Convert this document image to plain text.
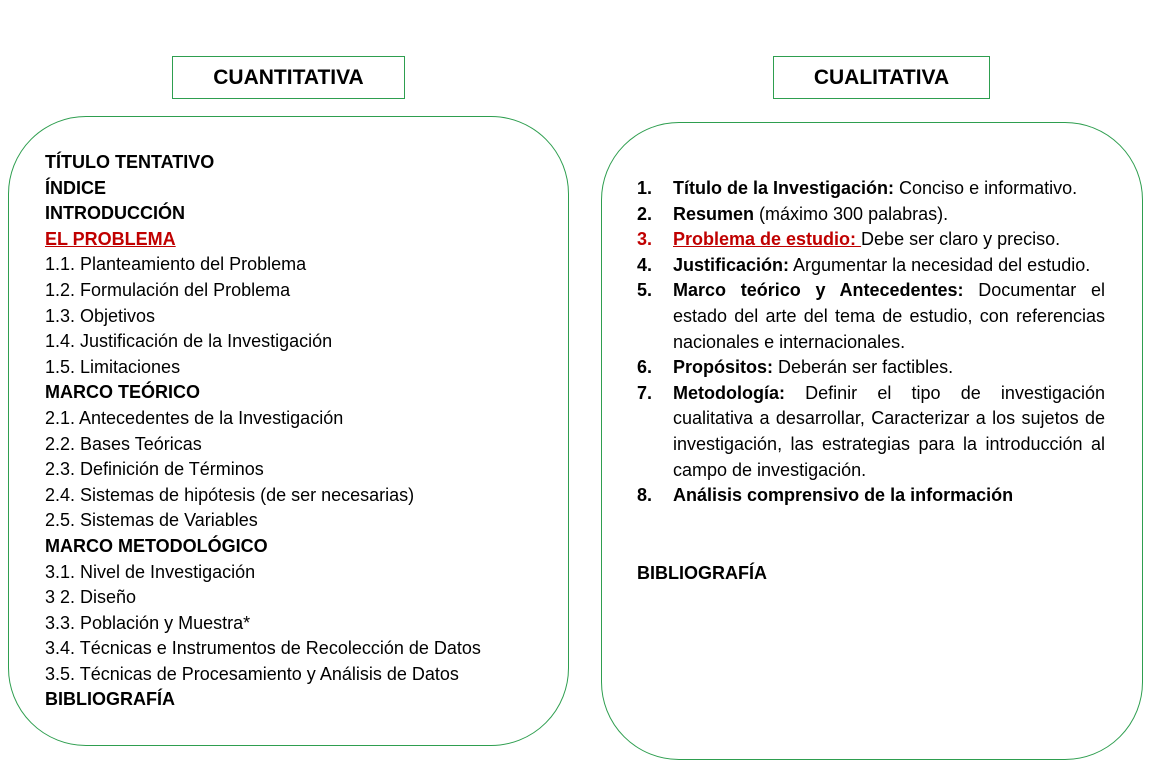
CUANTITATIVA	CUALITATIVA
TÍTULO TENTATIVO
ÍNDICE
INTRODUCCIÓN
EL PROBLEMA
1.1. Planteamiento del Problema
1.2. Formulación del Problema
1.3. Objetivos
1.4. Justificación de la Investigación
1.5. Limitaciones
MARCO TEÓRICO
2.1. Antecedentes de la Investigación
2.2. Bases Teóricas
2.3. Definición de Términos
2.4. Sistemas de hipótesis (de ser necesarias)
2.5. Sistemas de Variables
MARCO METODOLÓGICO
3.1. Nivel de Investigación
3 2. Diseño
3.3. Población y Muestra*
3.4. Técnicas e Instrumentos de Recolección de Datos
3.5. Técnicas de Procesamiento y Análisis de Datos
BIBLIOGRAFÍA
1.	Título de la Investigación: Conciso e informativo.
2.	Resumen (máximo 300 palabras).
3.	Problema de estudio: Debe ser claro y preciso.
4.	Justificación: Argumentar la necesidad del estudio.
5.	Marco teórico y Antecedentes: Documentar el estado del arte del tema de estudio, con referencias nacionales e internacionales.
6.	Propósitos: Deberán ser factibles.
7.	Metodología: Definir el tipo de investigación cualitativa a desarrollar, Caracterizar a los sujetos de investigación, las estrategias para la introducción al campo de investigación.
8.	Análisis comprensivo de la información
BIBLIOGRAFÍA
